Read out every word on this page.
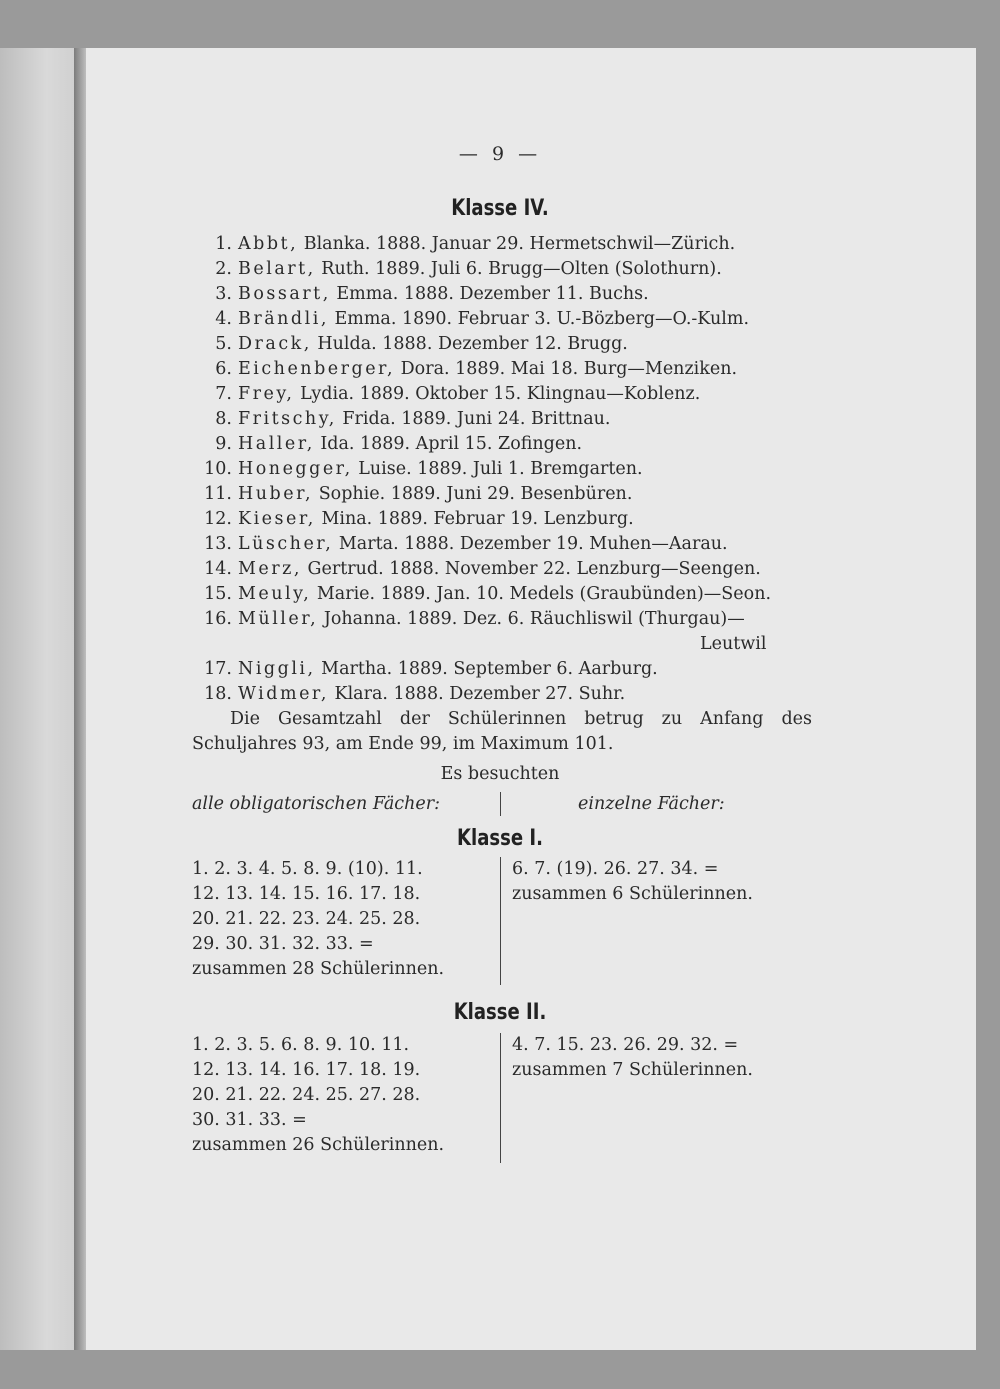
— 9 —
Klasse IV.
1. Abbt, Blanka. 1888. Januar 29. Hermetschwil—Zürich.
2. Belart, Ruth. 1889. Juli 6. Brugg—Olten (Solothurn).
3. Bossart, Emma. 1888. Dezember 11. Buchs.
4. Brändli, Emma. 1890. Februar 3. U.-Bözberg—O.-Kulm.
5. Drack, Hulda. 1888. Dezember 12. Brugg.
6. Eichenberger, Dora. 1889. Mai 18. Burg—Menziken.
7. Frey, Lydia. 1889. Oktober 15. Klingnau—Koblenz.
8. Fritschy, Frida. 1889. Juni 24. Brittnau.
9. Haller, Ida. 1889. April 15. Zofingen.
10. Honegger, Luise. 1889. Juli 1. Bremgarten.
11. Huber, Sophie. 1889. Juni 29. Besenbüren.
12. Kieser, Mina. 1889. Februar 19. Lenzburg.
13. Lüscher, Marta. 1888. Dezember 19. Muhen—Aarau.
14. Merz, Gertrud. 1888. November 22. Lenzburg—Seengen.
15. Meuly, Marie. 1889. Jan. 10. Medels (Graubünden)—Seon.
16. Müller, Johanna. 1889. Dez. 6. Räuchliswil (Thurgau)—
Leutwil
17. Niggli, Martha. 1889. September 6. Aarburg.
18. Widmer, Klara. 1888. Dezember 27. Suhr.
Die Gesamtzahl der Schülerinnen betrug zu Anfang des
Schuljahres 93, am Ende 99, im Maximum 101.
Es besuchten
alle obligatorischen Fächer:	einzelne Fächer:
Klasse I.
1. 2. 3. 4. 5. 8. 9. (10). 11.
12. 13. 14. 15. 16. 17. 18.
20. 21. 22. 23. 24. 25. 28.
29. 30. 31. 32. 33. =
zusammen 28 Schülerinnen.
6. 7. (19). 26. 27. 34. =
zusammen 6 Schülerinnen.
Klasse II.
1. 2. 3. 5. 6. 8. 9. 10. 11.
12. 13. 14. 16. 17. 18. 19.
20. 21. 22. 24. 25. 27. 28.
30. 31. 33. =
zusammen 26 Schülerinnen.
4. 7. 15. 23. 26. 29. 32. =
zusammen 7 Schülerinnen.
